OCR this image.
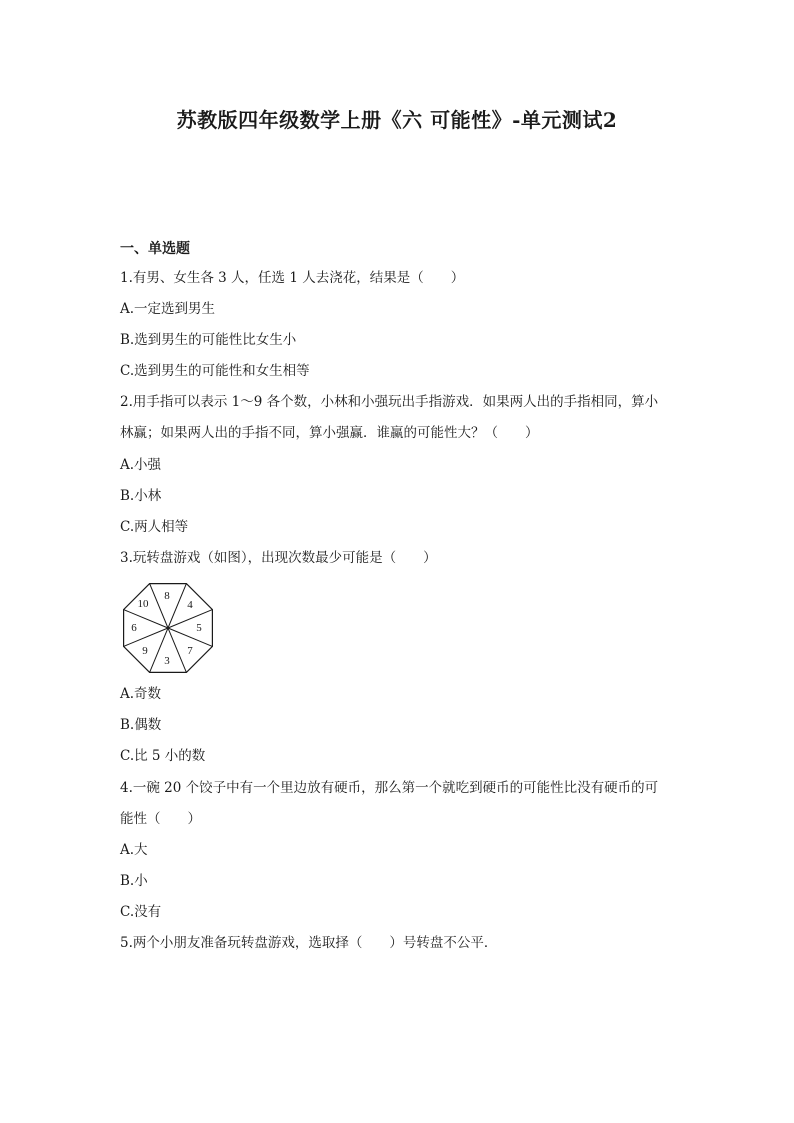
苏教版四年级数学上册《六 可能性》-单元测试2
一、单选题
1.有男、女生各 3 人，任选 1 人去浇花，结果是（　　）
A.一定选到男生
B.选到男生的可能性比女生小
C.选到男生的可能性和女生相等
2.用手指可以表示 1～9 各个数，小林和小强玩出手指游戏．如果两人出的手指相同，算小
林赢；如果两人出的手指不同，算小强赢．谁赢的可能性大？（　　）
A.小强
B.小林
C.两人相等
3.玩转盘游戏（如图），出现次数最少可能是（　　）
8
4
5
7
3
9
6
10
A.奇数
B.偶数
C.比 5 小的数
4.一碗 20 个饺子中有一个里边放有硬币，那么第一个就吃到硬币的可能性比没有硬币的可
能性（　　）
A.大
B.小
C.没有
5.两个小朋友准备玩转盘游戏，选取择（　　）号转盘不公平．
